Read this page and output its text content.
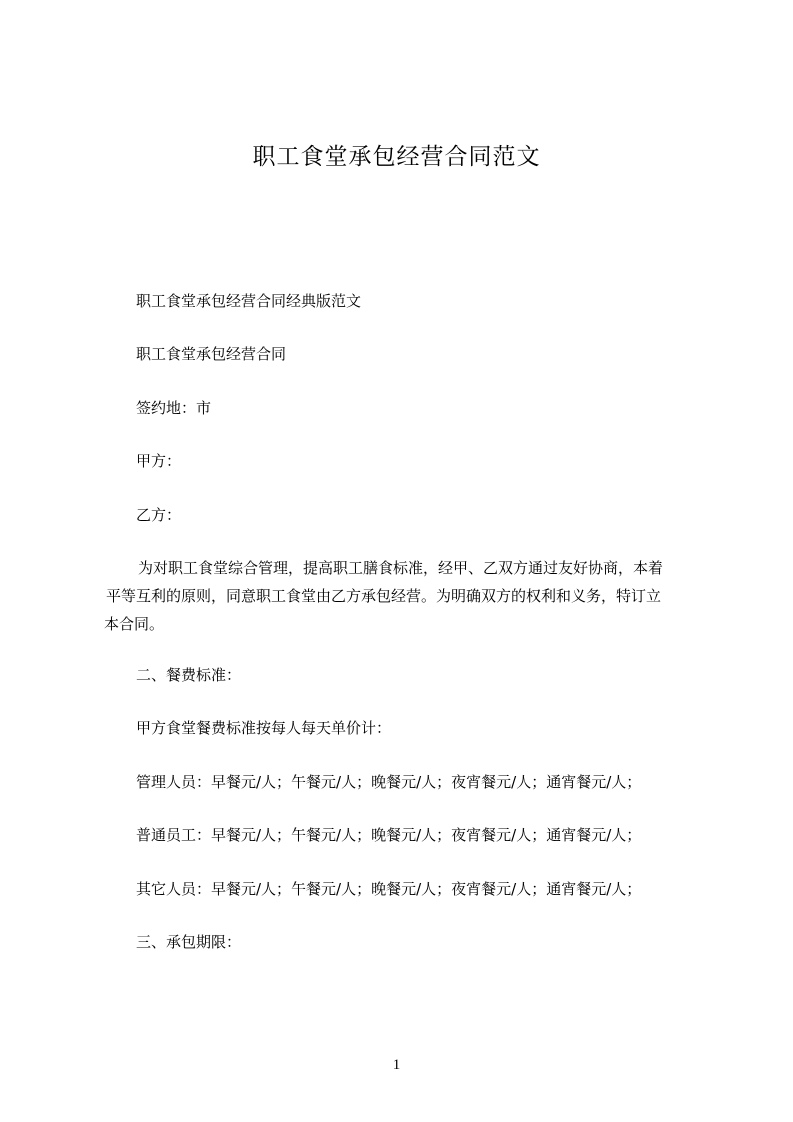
职工食堂承包经营合同范文
职工食堂承包经营合同经典版范文
职工食堂承包经营合同
签约地：市
甲方：
乙方：
为对职工食堂综合管理，提高职工膳食标准，经甲、乙双方通过友好协商，本着
平等互利的原则，同意职工食堂由乙方承包经营。为明确双方的权利和义务，特订立
本合同。
二、餐费标准：
甲方食堂餐费标准按每人每天单价计：
管理人员：早餐元/人；午餐元/人；晚餐元/人；夜宵餐元/人；通宵餐元/人；
普通员工：早餐元/人；午餐元/人；晚餐元/人；夜宵餐元/人；通宵餐元/人；
其它人员：早餐元/人；午餐元/人；晚餐元/人；夜宵餐元/人；通宵餐元/人；
三、承包期限：
1
